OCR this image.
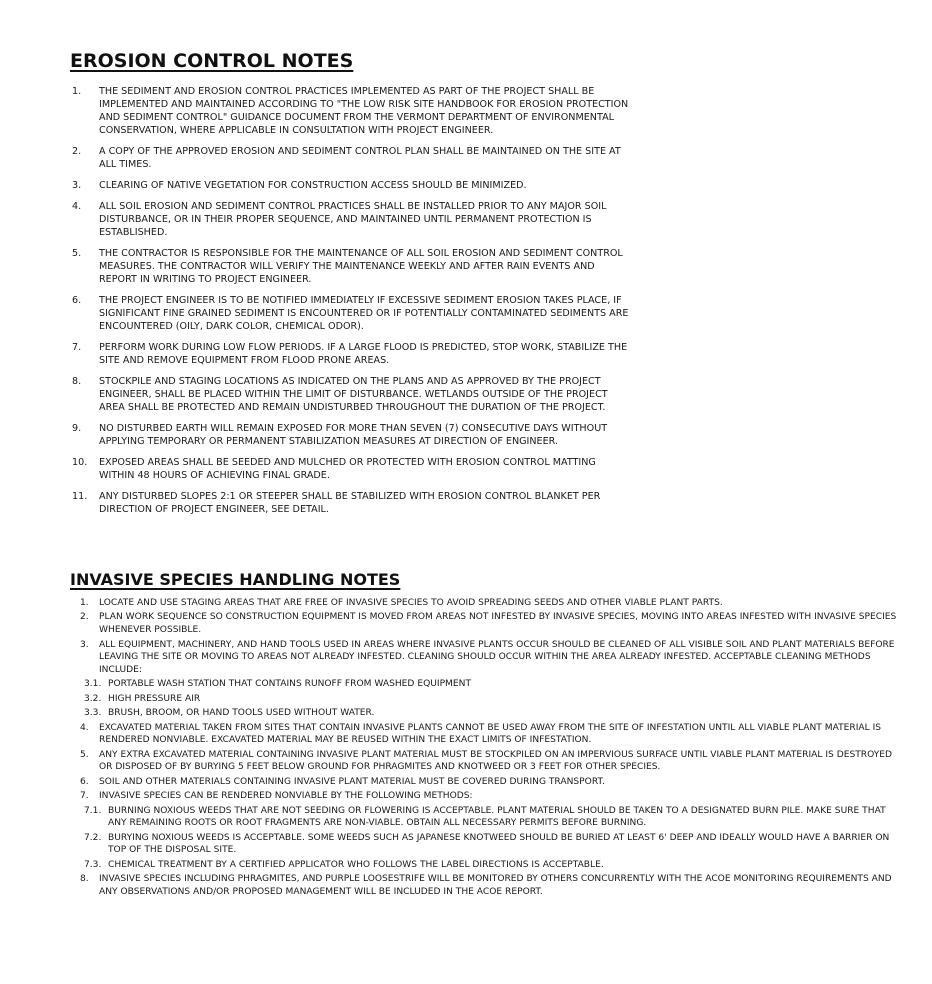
EROSION CONTROL NOTES
1. THE SEDIMENT AND EROSION CONTROL PRACTICES IMPLEMENTED AS PART OF THE PROJECT SHALL BE IMPLEMENTED AND MAINTAINED ACCORDING TO "THE LOW RISK SITE HANDBOOK FOR EROSION PROTECTION AND SEDIMENT CONTROL" GUIDANCE DOCUMENT FROM THE VERMONT DEPARTMENT OF ENVIRONMENTAL CONSERVATION, WHERE APPLICABLE IN CONSULTATION WITH PROJECT ENGINEER.
2. A COPY OF THE APPROVED EROSION AND SEDIMENT CONTROL PLAN SHALL BE MAINTAINED ON THE SITE AT ALL TIMES.
3. CLEARING OF NATIVE VEGETATION FOR CONSTRUCTION ACCESS SHOULD BE MINIMIZED.
4. ALL SOIL EROSION AND SEDIMENT CONTROL PRACTICES SHALL BE INSTALLED PRIOR TO ANY MAJOR SOIL DISTURBANCE, OR IN THEIR PROPER SEQUENCE, AND MAINTAINED UNTIL PERMANENT PROTECTION IS ESTABLISHED.
5. THE CONTRACTOR IS RESPONSIBLE FOR THE MAINTENANCE OF ALL SOIL EROSION AND SEDIMENT CONTROL MEASURES. THE CONTRACTOR WILL VERIFY THE MAINTENANCE WEEKLY AND AFTER RAIN EVENTS AND REPORT IN WRITING TO PROJECT ENGINEER.
6. THE PROJECT ENGINEER IS TO BE NOTIFIED IMMEDIATELY IF EXCESSIVE SEDIMENT EROSION TAKES PLACE, IF SIGNIFICANT FINE GRAINED SEDIMENT IS ENCOUNTERED OR IF POTENTIALLY CONTAMINATED SEDIMENTS ARE ENCOUNTERED (OILY, DARK COLOR, CHEMICAL ODOR).
7. PERFORM WORK DURING LOW FLOW PERIODS. IF A LARGE FLOOD IS PREDICTED, STOP WORK, STABILIZE THE SITE AND REMOVE EQUIPMENT FROM FLOOD PRONE AREAS.
8. STOCKPILE AND STAGING LOCATIONS AS INDICATED ON THE PLANS AND AS APPROVED BY THE PROJECT ENGINEER, SHALL BE PLACED WITHIN THE LIMIT OF DISTURBANCE. WETLANDS OUTSIDE OF THE PROJECT AREA SHALL BE PROTECTED AND REMAIN UNDISTURBED THROUGHOUT THE DURATION OF THE PROJECT.
9. NO DISTURBED EARTH WILL REMAIN EXPOSED FOR MORE THAN SEVEN (7) CONSECUTIVE DAYS WITHOUT APPLYING TEMPORARY OR PERMANENT STABILIZATION MEASURES AT DIRECTION OF ENGINEER.
10. EXPOSED AREAS SHALL BE SEEDED AND MULCHED OR PROTECTED WITH EROSION CONTROL MATTING WITHIN 48 HOURS OF ACHIEVING FINAL GRADE.
11. ANY DISTURBED SLOPES 2:1 OR STEEPER SHALL BE STABILIZED WITH EROSION CONTROL BLANKET PER DIRECTION OF PROJECT ENGINEER, SEE DETAIL.
INVASIVE SPECIES HANDLING NOTES
1. LOCATE AND USE STAGING AREAS THAT ARE FREE OF INVASIVE SPECIES TO AVOID SPREADING SEEDS AND OTHER VIABLE PLANT PARTS.
2. PLAN WORK SEQUENCE SO CONSTRUCTION EQUIPMENT IS MOVED FROM AREAS NOT INFESTED BY INVASIVE SPECIES, MOVING INTO AREAS INFESTED WITH INVASIVE SPECIES WHENEVER POSSIBLE.
3. ALL EQUIPMENT, MACHINERY, AND HAND TOOLS USED IN AREAS WHERE INVASIVE PLANTS OCCUR SHOULD BE CLEANED OF ALL VISIBLE SOIL AND PLANT MATERIALS BEFORE LEAVING THE SITE OR MOVING TO AREAS NOT ALREADY INFESTED. CLEANING SHOULD OCCUR WITHIN THE AREA ALREADY INFESTED. ACCEPTABLE CLEANING METHODS INCLUDE:
3.1. PORTABLE WASH STATION THAT CONTAINS RUNOFF FROM WASHED EQUIPMENT
3.2. HIGH PRESSURE AIR
3.3. BRUSH, BROOM, OR HAND TOOLS USED WITHOUT WATER.
4. EXCAVATED MATERIAL TAKEN FROM SITES THAT CONTAIN INVASIVE PLANTS CANNOT BE USED AWAY FROM THE SITE OF INFESTATION UNTIL ALL VIABLE PLANT MATERIAL IS RENDERED NONVIABLE. EXCAVATED MATERIAL MAY BE REUSED WITHIN THE EXACT LIMITS OF INFESTATION.
5. ANY EXTRA EXCAVATED MATERIAL CONTAINING INVASIVE PLANT MATERIAL MUST BE STOCKPILED ON AN IMPERVIOUS SURFACE UNTIL VIABLE PLANT MATERIAL IS DESTROYED OR DISPOSED OF BY BURYING 5 FEET BELOW GROUND FOR PHRAGMITES AND KNOTWEED OR 3 FEET FOR OTHER SPECIES.
6. SOIL AND OTHER MATERIALS CONTAINING INVASIVE PLANT MATERIAL MUST BE COVERED DURING TRANSPORT.
7. INVASIVE SPECIES CAN BE RENDERED NONVIABLE BY THE FOLLOWING METHODS:
7.1. BURNING NOXIOUS WEEDS THAT ARE NOT SEEDING OR FLOWERING IS ACCEPTABLE. PLANT MATERIAL SHOULD BE TAKEN TO A DESIGNATED BURN PILE. MAKE SURE THAT ANY REMAINING ROOTS OR ROOT FRAGMENTS ARE NON-VIABLE. OBTAIN ALL NECESSARY PERMITS BEFORE BURNING.
7.2. BURYING NOXIOUS WEEDS IS ACCEPTABLE. SOME WEEDS SUCH AS JAPANESE KNOTWEED SHOULD BE BURIED AT LEAST 6' DEEP AND IDEALLY WOULD HAVE A BARRIER ON TOP OF THE DISPOSAL SITE.
7.3. CHEMICAL TREATMENT BY A CERTIFIED APPLICATOR WHO FOLLOWS THE LABEL DIRECTIONS IS ACCEPTABLE.
8. INVASIVE SPECIES INCLUDING PHRAGMITES, AND PURPLE LOOSESTRIFE WILL BE MONITORED BY OTHERS CONCURRENTLY WITH THE ACOE MONITORING REQUIREMENTS AND ANY OBSERVATIONS AND/OR PROPOSED MANAGEMENT WILL BE INCLUDED IN THE ACOE REPORT.
